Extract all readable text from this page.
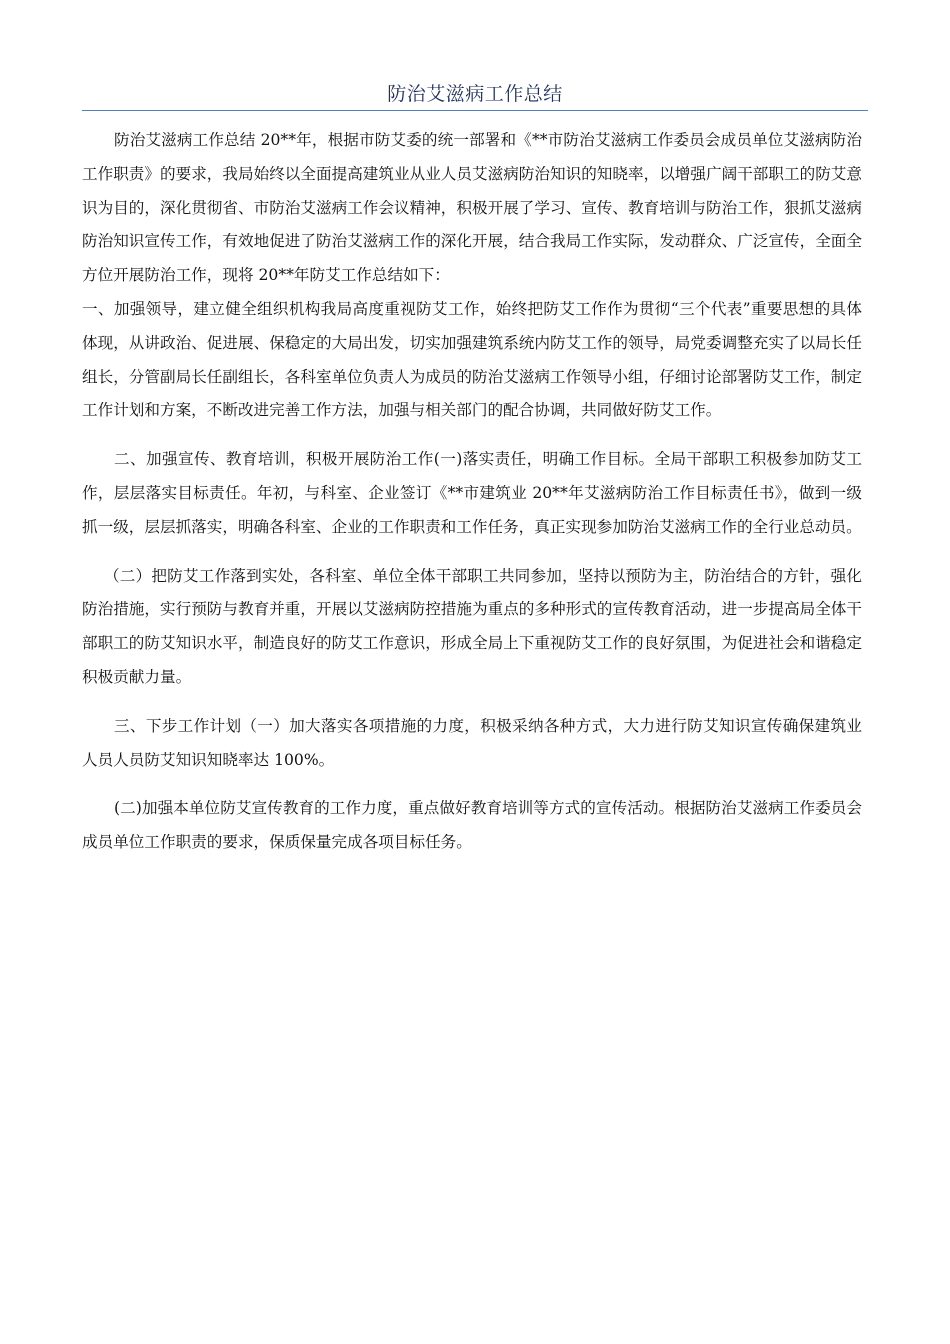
防治艾滋病工作总结

防治艾滋病工作总结 20**年，根据市防艾委的统一部署和《**市防治艾滋病工作委员会成员单位艾滋病防治工作职责》的要求，我局始终以全面提高建筑业从业人员艾滋病防治知识的知晓率，以增强广阔干部职工的防艾意识为目的，深化贯彻省、市防治艾滋病工作会议精神，积极开展了学习、宣传、教育培训与防治工作，狠抓艾滋病防治知识宣传工作，有效地促进了防治艾滋病工作的深化开展，结合我局工作实际，发动群众、广泛宣传，全面全方位开展防治工作，现将 20**年防艾工作总结如下：

一、加强领导，建立健全组织机构我局高度重视防艾工作，始终把防艾工作作为贯彻“三个代表”重要思想的具体体现，从讲政治、促进展、保稳定的大局出发，切实加强建筑系统内防艾工作的领导，局党委调整充实了以局长任组长，分管副局长任副组长，各科室单位负责人为成员的防治艾滋病工作领导小组，仔细讨论部署防艾工作，制定工作计划和方案，不断改进完善工作方法，加强与相关部门的配合协调，共同做好防艾工作。

二、加强宣传、教育培训，积极开展防治工作(一)落实责任，明确工作目标。全局干部职工积极参加防艾工作，层层落实目标责任。年初，与科室、企业签订《**市建筑业 20**年艾滋病防治工作目标责任书》，做到一级抓一级，层层抓落实，明确各科室、企业的工作职责和工作任务，真正实现参加防治艾滋病工作的全行业总动员。

（二）把防艾工作落到实处，各科室、单位全体干部职工共同参加，坚持以预防为主，防治结合的方针，强化防治措施，实行预防与教育并重，开展以艾滋病防控措施为重点的多种形式的宣传教育活动，进一步提高局全体干部职工的防艾知识水平，制造良好的防艾工作意识，形成全局上下重视防艾工作的良好氛围，为促进社会和谐稳定积极贡献力量。

三、下步工作计划（一）加大落实各项措施的力度，积极采纳各种方式，大力进行防艾知识宣传确保建筑业人员人员防艾知识知晓率达 100%。

(二)加强本单位防艾宣传教育的工作力度，重点做好教育培训等方式的宣传活动。根据防治艾滋病工作委员会成员单位工作职责的要求，保质保量完成各项目标任务。
